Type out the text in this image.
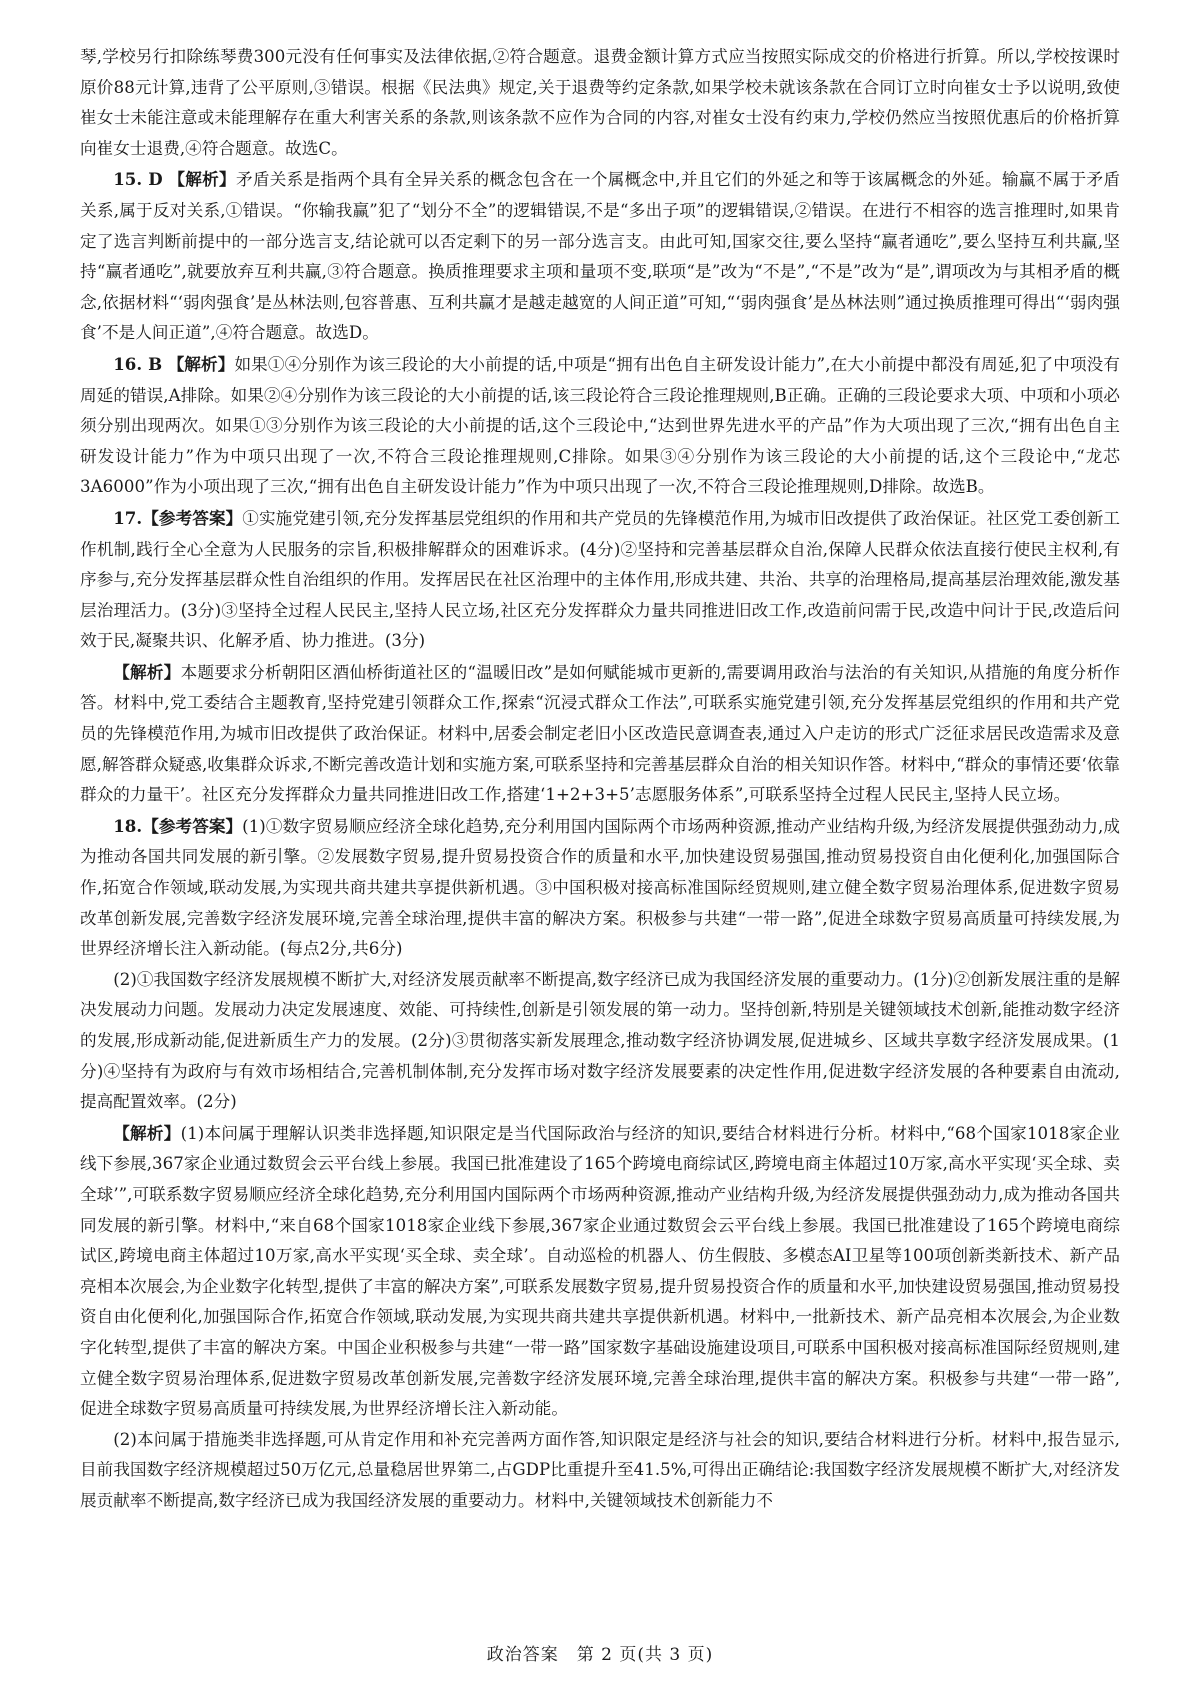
琴,学校另行扣除练琴费300元没有任何事实及法律依据,②符合题意。退费金额计算方式应当按照实际成交的价格进行折算。所以,学校按课时原价88元计算,违背了公平原则,③错误。根据《民法典》规定,关于退费等约定条款,如果学校未就该条款在合同订立时向崔女士予以说明,致使崔女士未能注意或未能理解存在重大利害关系的条款,则该条款不应作为合同的内容,对崔女士没有约束力,学校仍然应当按照优惠后的价格折算向崔女士退费,④符合题意。故选C。

15. D 【解析】矛盾关系是指两个具有全异关系的概念包含在一个属概念中,并且它们的外延之和等于该属概念的外延。输赢不属于矛盾关系,属于反对关系,①错误。“你输我赢”犯了“划分不全”的逻辑错误,不是“多出子项”的逻辑错误,②错误。在进行不相容的选言推理时,如果肯定了选言判断前提中的一部分选言支,结论就可以否定剩下的另一部分选言支。由此可知,国家交往,要么坚持“赢者通吃”,要么坚持互利共赢,坚持“赢者通吃”,就要放弃互利共赢,③符合题意。换质推理要求主项和量项不变,联项“是”改为“不是”,“不是”改为“是”,谓项改为与其相矛盾的概念,依据材料“‘弱肉强食’是丛林法则,包容普惠、互利共赢才是越走越宽的人间正道”可知,“‘弱肉强食’是丛林法则”通过换质推理可得出“‘弱肉强食’不是人间正道”,④符合题意。故选D。

16. B 【解析】如果①④分别作为该三段论的大小前提的话,中项是“拥有出色自主研发设计能力”,在大小前提中都没有周延,犯了中项没有周延的错误,A排除。如果②④分别作为该三段论的大小前提的话,该三段论符合三段论推理规则,B正确。正确的三段论要求大项、中项和小项必须分别出现两次。如果①③分别作为该三段论的大小前提的话,这个三段论中,“达到世界先进水平的产品”作为大项出现了三次,“拥有出色自主研发设计能力”作为中项只出现了一次,不符合三段论推理规则,C排除。如果③④分别作为该三段论的大小前提的话,这个三段论中,“龙芯3A6000”作为小项出现了三次,“拥有出色自主研发设计能力”作为中项只出现了一次,不符合三段论推理规则,D排除。故选B。

17.【参考答案】①实施党建引领,充分发挥基层党组织的作用和共产党员的先锋模范作用,为城市旧改提供了政治保证。社区党工委创新工作机制,践行全心全意为人民服务的宗旨,积极排解群众的困难诉求。(4分)②坚持和完善基层群众自治,保障人民群众依法直接行使民主权利,有序参与,充分发挥基层群众性自治组织的作用。发挥居民在社区治理中的主体作用,形成共建、共治、共享的治理格局,提高基层治理效能,激发基层治理活力。(3分)③坚持全过程人民民主,坚持人民立场,社区充分发挥群众力量共同推进旧改工作,改造前问需于民,改造中问计于民,改造后问效于民,凝聚共识、化解矛盾、协力推进。(3分)

【解析】本题要求分析朝阳区酒仙桥街道社区的“温暖旧改”是如何赋能城市更新的,需要调用政治与法治的有关知识,从措施的角度分析作答。材料中,党工委结合主题教育,坚持党建引领群众工作,探索“沉浸式群众工作法”,可联系实施党建引领,充分发挥基层党组织的作用和共产党员的先锋模范作用,为城市旧改提供了政治保证。材料中,居委会制定老旧小区改造民意调查表,通过入户走访的形式广泛征求居民改造需求及意愿,解答群众疑惑,收集群众诉求,不断完善改造计划和实施方案,可联系坚持和完善基层群众自治的相关知识作答。材料中,“群众的事情还要‘依靠群众的力量干’。社区充分发挥群众力量共同推进旧改工作,搭建‘1+2+3+5’志愿服务体系”,可联系坚持全过程人民民主,坚持人民立场。

18.【参考答案】(1)①数字贸易顺应经济全球化趋势,充分利用国内国际两个市场两种资源,推动产业结构升级,为经济发展提供强劲动力,成为推动各国共同发展的新引擎。②发展数字贸易,提升贸易投资合作的质量和水平,加快建设贸易强国,推动贸易投资自由化便利化,加强国际合作,拓宽合作领域,联动发展,为实现共商共建共享提供新机遇。③中国积极对接高标准国际经贸规则,建立健全数字贸易治理体系,促进数字贸易改革创新发展,完善数字经济发展环境,完善全球治理,提供丰富的解决方案。积极参与共建“一带一路”,促进全球数字贸易高质量可持续发展,为世界经济增长注入新动能。(每点2分,共6分)

(2)①我国数字经济发展规模不断扩大,对经济发展贡献率不断提高,数字经济已成为我国经济发展的重要动力。(1分)②创新发展注重的是解决发展动力问题。发展动力决定发展速度、效能、可持续性,创新是引领发展的第一动力。坚持创新,特别是关键领域技术创新,能推动数字经济的发展,形成新动能,促进新质生产力的发展。(2分)③贯彻落实新发展理念,推动数字经济协调发展,促进城乡、区域共享数字经济发展成果。(1分)④坚持有为政府与有效市场相结合,完善机制体制,充分发挥市场对数字经济发展要素的决定性作用,促进数字经济发展的各种要素自由流动,提高配置效率。(2分)

【解析】(1)本问属于理解认识类非选择题,知识限定是当代国际政治与经济的知识,要结合材料进行分析。材料中,“68个国家1018家企业线下参展,367家企业通过数贸会云平台线上参展。我国已批准建设了165个跨境电商综试区,跨境电商主体超过10万家,高水平实现‘买全球、卖全球’”,可联系数字贸易顺应经济全球化趋势,充分利用国内国际两个市场两种资源,推动产业结构升级,为经济发展提供强劲动力,成为推动各国共同发展的新引擎。材料中,“来自68个国家1018家企业线下参展,367家企业通过数贸会云平台线上参展。我国已批准建设了165个跨境电商综试区,跨境电商主体超过10万家,高水平实现‘买全球、卖全球’。自动巡检的机器人、仿生假肢、多模态AI卫星等100项创新类新技术、新产品亮相本次展会,为企业数字化转型,提供了丰富的解决方案”,可联系发展数字贸易,提升贸易投资合作的质量和水平,加快建设贸易强国,推动贸易投资自由化便利化,加强国际合作,拓宽合作领域,联动发展,为实现共商共建共享提供新机遇。材料中,一批新技术、新产品亮相本次展会,为企业数字化转型,提供了丰富的解决方案。中国企业积极参与共建“一带一路”国家数字基础设施建设项目,可联系中国积极对接高标准国际经贸规则,建立健全数字贸易治理体系,促进数字贸易改革创新发展,完善数字经济发展环境,完善全球治理,提供丰富的解决方案。积极参与共建“一带一路”,促进全球数字贸易高质量可持续发展,为世界经济增长注入新动能。

(2)本问属于措施类非选择题,可从肯定作用和补充完善两方面作答,知识限定是经济与社会的知识,要结合材料进行分析。材料中,报告显示,目前我国数字经济规模超过50万亿元,总量稳居世界第二,占GDP比重提升至41.5%,可得出正确结论:我国数字经济发展规模不断扩大,对经济发展贡献率不断提高,数字经济已成为我国经济发展的重要动力。材料中,关键领域技术创新能力不

政治答案　第 2 页(共 3 页)
